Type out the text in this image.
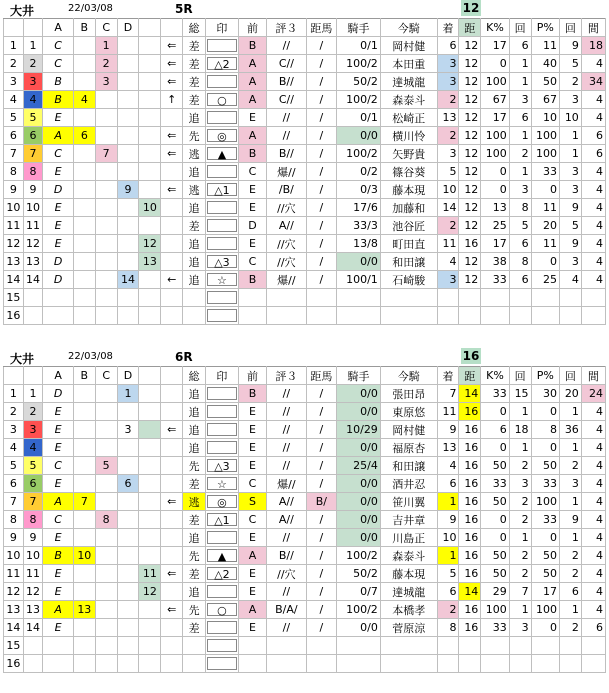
大井	22/03/08	5R	12
		A	B	C	D			総	印	前	評３	距馬	騎手	今騎	着	距	K%	回	P%	回	間
1	1	C		1			⇐	差		B	//	/	0/1	岡村健	6	12	17	6	11	9	18
2	2	C		2			⇐	差	△2	A	C//	/	100/2	本田重	3	12	0	1	40	5	4
3	3	B		3			⇐	差		A	B//	/	50/2	達城龍	3	12	100	1	50	2	34
4	4	B	4				↑	差	○	A	C//	/	100/2	森泰斗	2	12	67	3	67	3	4
5	5	E						追		E	//	/	0/1	松崎正	13	12	17	6	10	10	4
6	6	A	6				⇐	先	◎	A	//	/	0/0	横川怜	2	12	100	1	100	1	6
7	7	C		7			⇐	逃	▲	B	B//	/	100/2	矢野貴	3	12	100	2	100	1	6
8	8	E						追		C	爆//	/	0/2	篠谷葵	5	12	0	1	33	3	4
9	9	D			9		⇐	逃	△1	E	/B/	/	0/3	藤本現	10	12	0	3	0	3	4
10	10	E				10		追		E	//穴	/	17/6	加藤和	14	12	13	8	11	9	4
11	11	E						差		D	A//	/	33/3	池谷匠	2	12	25	5	20	5	4
12	12	E				12		追		E	//穴	/	13/8	町田直	11	16	17	6	11	9	4
13	13	D				13		追	△3	C	//穴	/	0/0	和田譲	4	12	38	8	0	3	4
14	14	D			14		←	追	☆	B	爆//	/	100/1	石崎駿	3	12	33	6	25	4	4
15																					
16																					
大井	22/03/08	6R	16
		A	B	C	D			総	印	前	評３	距馬	騎手	今騎	着	距	K%	回	P%	回	間
1	1	D			1			追		B	//	/	0/0	張田昂	7	14	33	15	30	20	24
2	2	E						追		E	//	/	0/0	東原悠	11	16	0	1	0	1	4
3	3	E			3		⇐	追		E	//	/	10/29	岡村健	9	16	6	18	8	36	4
4	4	E						追		E	//	/	0/0	福原杏	13	16	0	1	0	1	4
5	5	C		5				先	△3	E	//	/	25/4	和田譲	4	16	50	2	50	2	4
6	6	E			6			差	☆	C	爆//	/	0/0	酒井忍	6	16	33	3	33	3	4
7	7	A	7				⇐	逃	◎	S	A//	B/	0/0	笹川翼	1	16	50	2	100	1	4
8	8	C		8				差	△1	C	A//	/	0/0	吉井章	9	16	0	2	33	9	4
9	9	E						追		E	//	/	0/0	川島正	10	16	0	1	0	1	4
10	10	B	10					先	▲	A	B//	/	100/2	森泰斗	1	16	50	2	50	2	4
11	11	E				11	⇐	差	△2	E	//穴	/	50/2	藤本現	5	16	50	2	50	2	4
12	12	E				12		追		E	//	/	0/7	達城龍	6	14	29	7	17	6	4
13	13	A	13				⇐	先	○	A	B/A/	/	100/2	本橋孝	2	16	100	1	100	1	4
14	14	E						差		E	//	/	0/0	菅原涼	8	16	33	3	0	2	6
15																					
16																					
